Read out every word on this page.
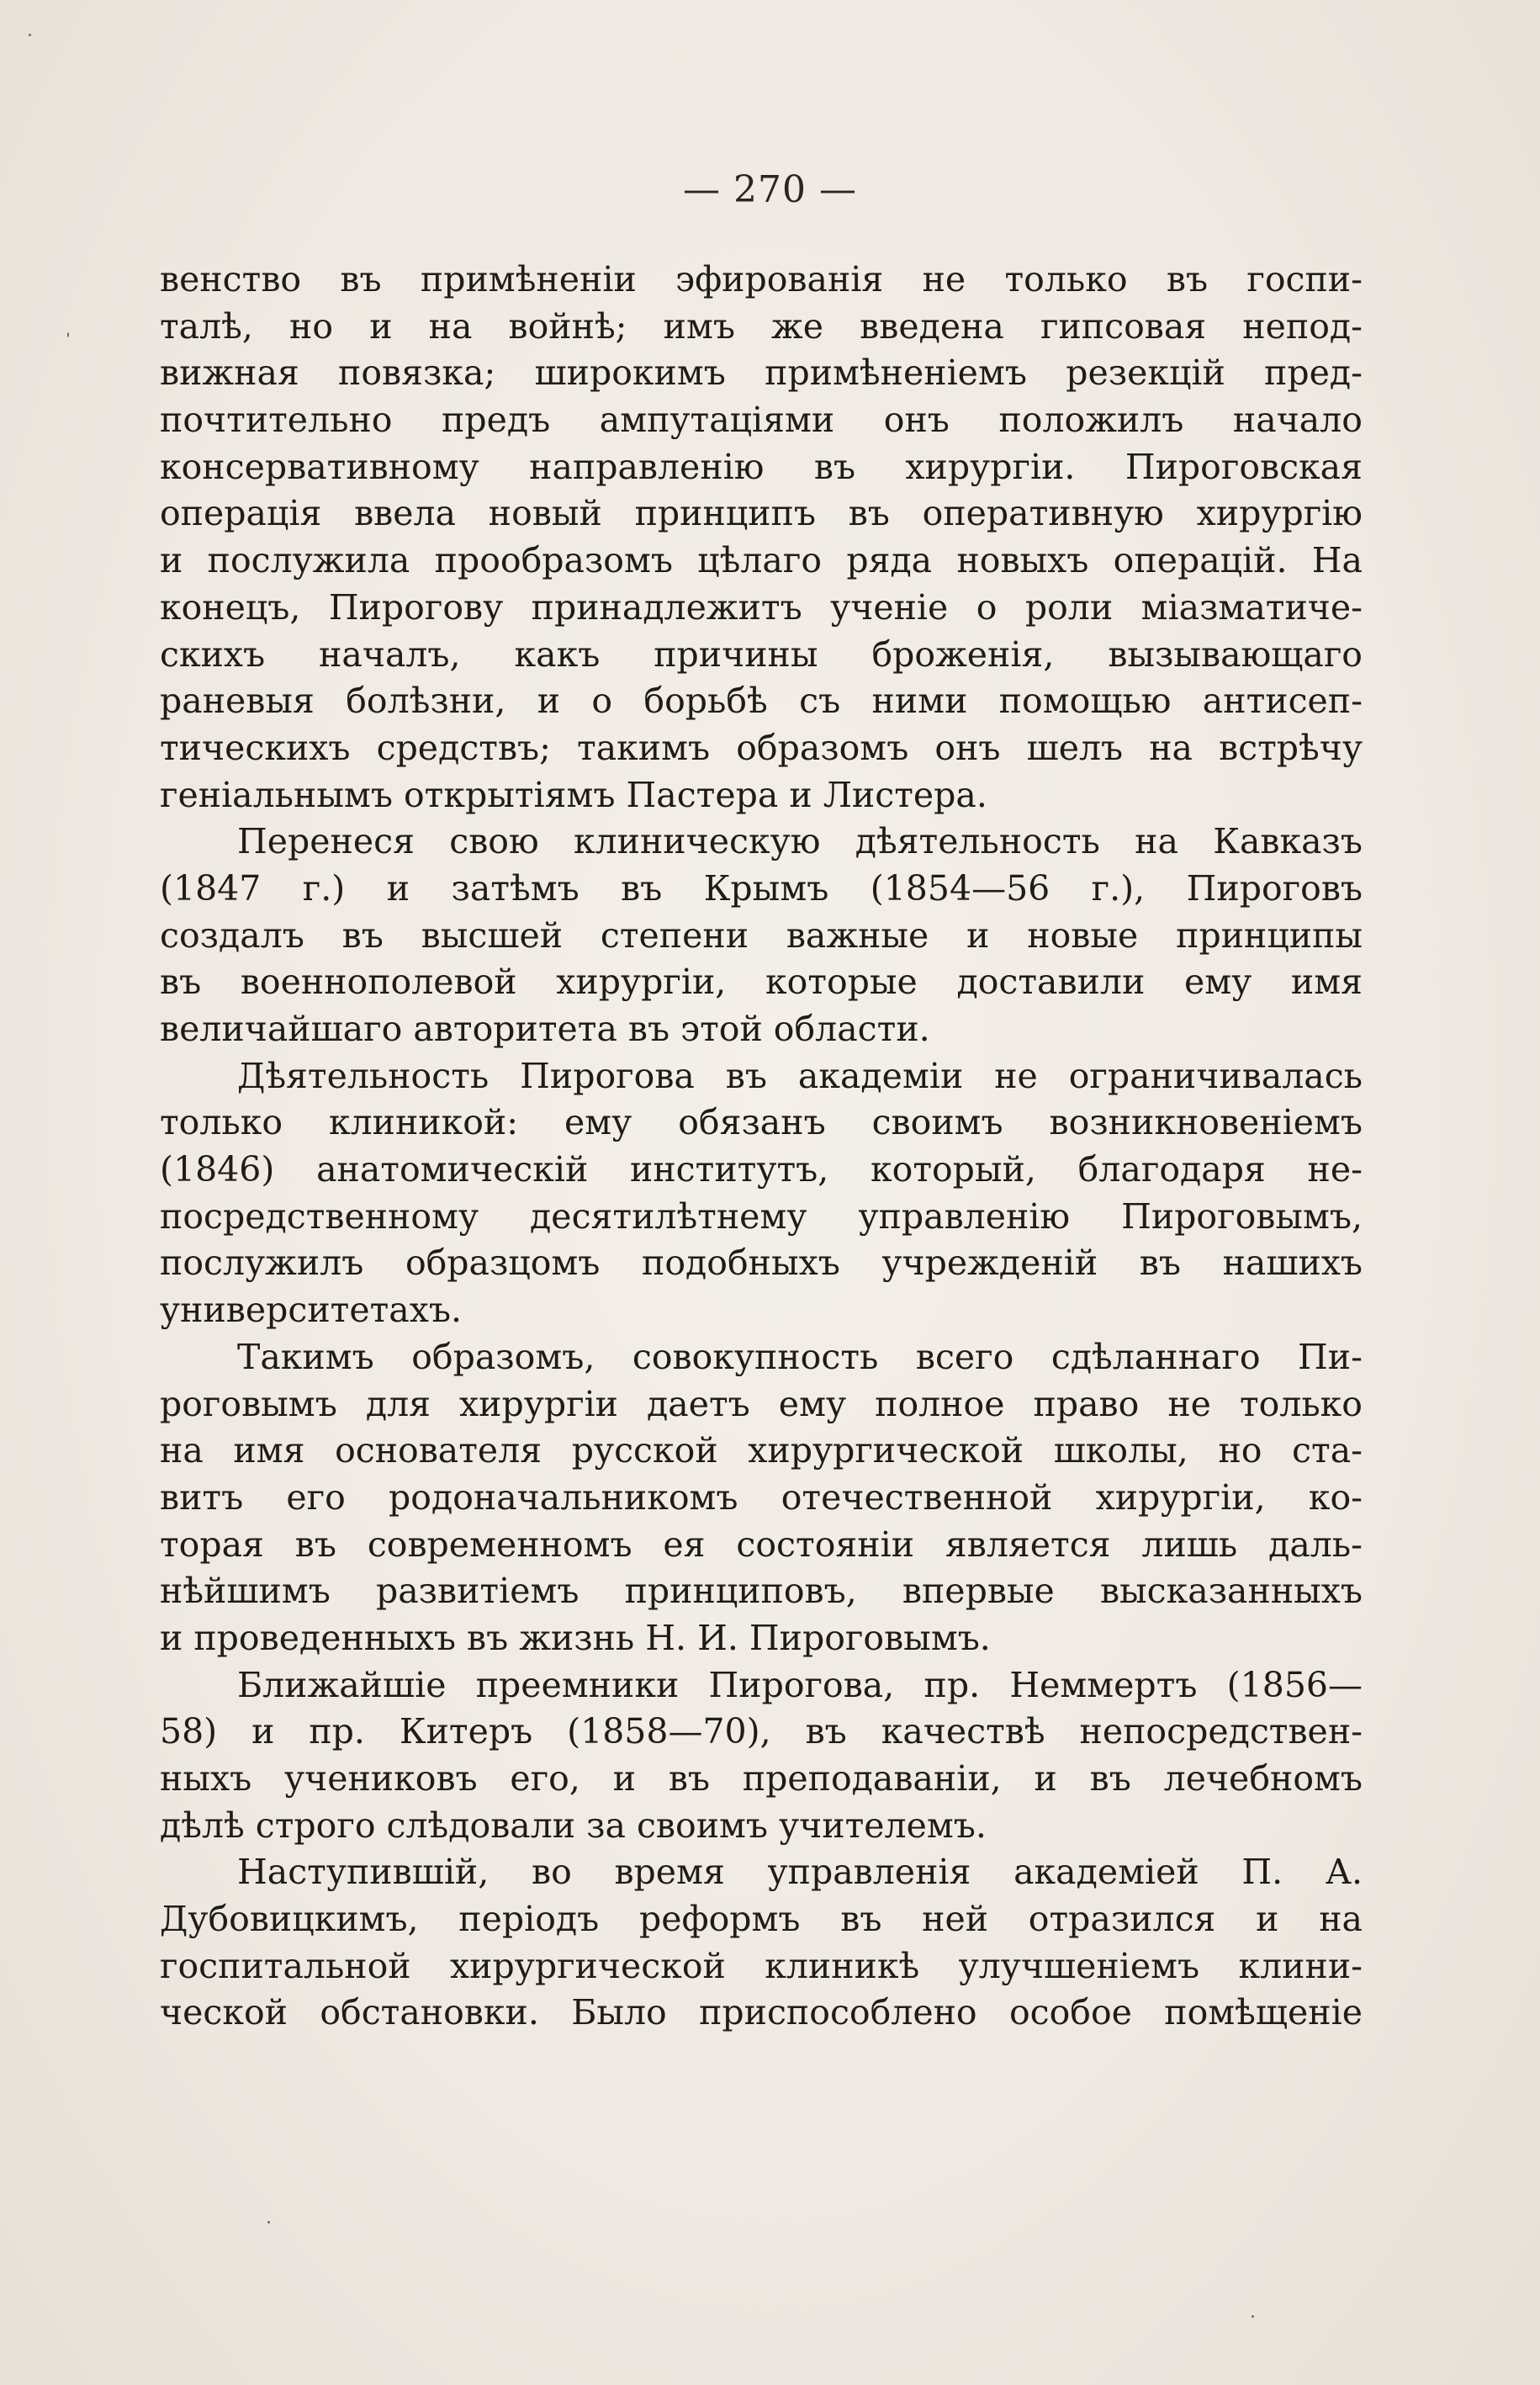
— 270 —
венство въ примѣненіи эфированія не только въ госпи-
талѣ, но и на войнѣ; имъ же введена гипсовая непод-
вижная повязка; широкимъ примѣненіемъ резекцій пред-
почтительно предъ ампутаціями онъ положилъ начало
консервативному направленію въ хирургіи. Пироговская
операція ввела новый принципъ въ оперативную хирургію
и послужила прообразомъ цѣлаго ряда новыхъ операцій. На
конецъ, Пирогову принадлежитъ ученіе о роли міазматиче-
скихъ началъ, какъ причины броженія, вызывающаго
раневыя болѣзни, и о борьбѣ съ ними помощью антисеп-
тическихъ средствъ; такимъ образомъ онъ шелъ на встрѣчу
геніальнымъ открытіямъ Пастера и Листера.
Перенеся свою клиническую дѣятельность на Кавказъ
(1847 г.) и затѣмъ въ Крымъ (1854—56 г.), Пироговъ
создалъ въ высшей степени важные и новые принципы
въ военнополевой хирургіи, которые доставили ему имя
величайшаго авторитета въ этой области.
Дѣятельность Пирогова въ академіи не ограничивалась
только клиникой: ему обязанъ своимъ возникновеніемъ
(1846) анатомическій институтъ, который, благодаря не-
посредственному десятилѣтнему управленію Пироговымъ,
послужилъ образцомъ подобныхъ учрежденій въ нашихъ
университетахъ.
Такимъ образомъ, совокупность всего сдѣланнаго Пи-
роговымъ для хирургіи даетъ ему полное право не только
на имя основателя русской хирургической школы, но ста-
витъ его родоначальникомъ отечественной хирургіи, ко-
торая въ современномъ ея состояніи является лишь даль-
нѣйшимъ развитіемъ принциповъ, впервые высказанныхъ
и проведенныхъ въ жизнь Н. И. Пироговымъ.
Ближайшіе преемники Пирогова, пр. Неммертъ (1856—
58) и пр. Китеръ (1858—70), въ качествѣ непосредствен-
ныхъ учениковъ его, и въ преподаваніи, и въ лечебномъ
дѣлѣ строго слѣдовали за своимъ учителемъ.
Наступившій, во время управленія академіей П. А.
Дубовицкимъ, періодъ реформъ въ ней отразился и на
госпитальной хирургической клиникѣ улучшеніемъ клини-
ческой обстановки. Было приспособлено особое помѣщеніе
